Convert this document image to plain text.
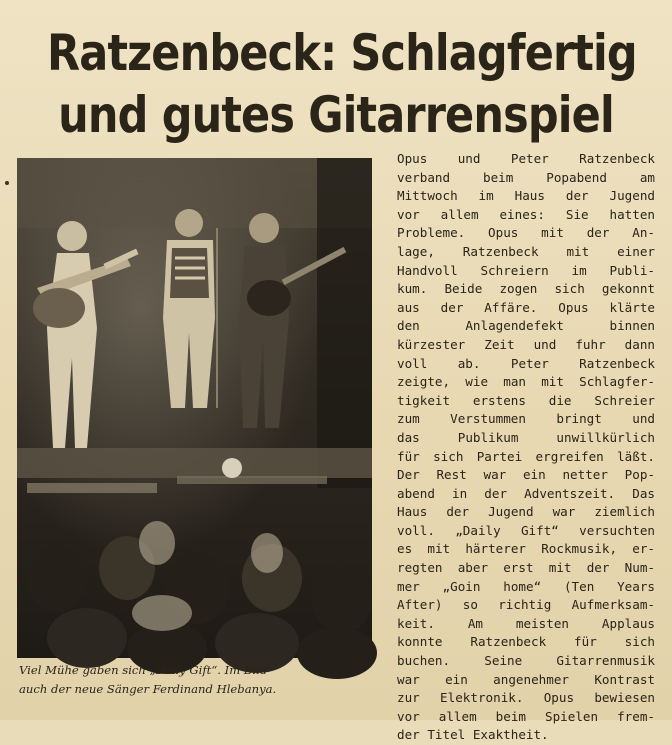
Ratzenbeck: Schlagfertig
und gutes Gitarrenspiel

Viel Mühe gaben sich „Daily Gift“. Im Bild
auch der neue Sänger Ferdinand Hlebanya.

Opus und Peter Ratzenbeck
verband beim Popabend am
Mittwoch im Haus der Jugend
vor allem eines: Sie hatten
Probleme. Opus mit der An-
lage, Ratzenbeck mit einer
Handvoll Schreiern im Publi-
kum. Beide zogen sich gekonnt
aus der Affäre. Opus klärte
den Anlagendefekt binnen
kürzester Zeit und fuhr dann
voll ab. Peter Ratzenbeck
zeigte, wie man mit Schlagfer-
tigkeit erstens die Schreier
zum Verstummen bringt und
das Publikum unwillkürlich
für sich Partei ergreifen läßt.
Der Rest war ein netter Pop-
abend in der Adventszeit. Das
Haus der Jugend war ziemlich
voll. „Daily Gift“ versuchten
es mit härterer Rockmusik, er-
regten aber erst mit der Num-
mer „Goin home“ (Ten Years
After) so richtig Aufmerksam-
keit. Am meisten Applaus
konnte Ratzenbeck für sich
buchen. Seine Gitarrenmusik
war ein angenehmer Kontrast
zur Elektronik. Opus bewiesen
vor allem beim Spielen frem-
der Titel Exaktheit.
